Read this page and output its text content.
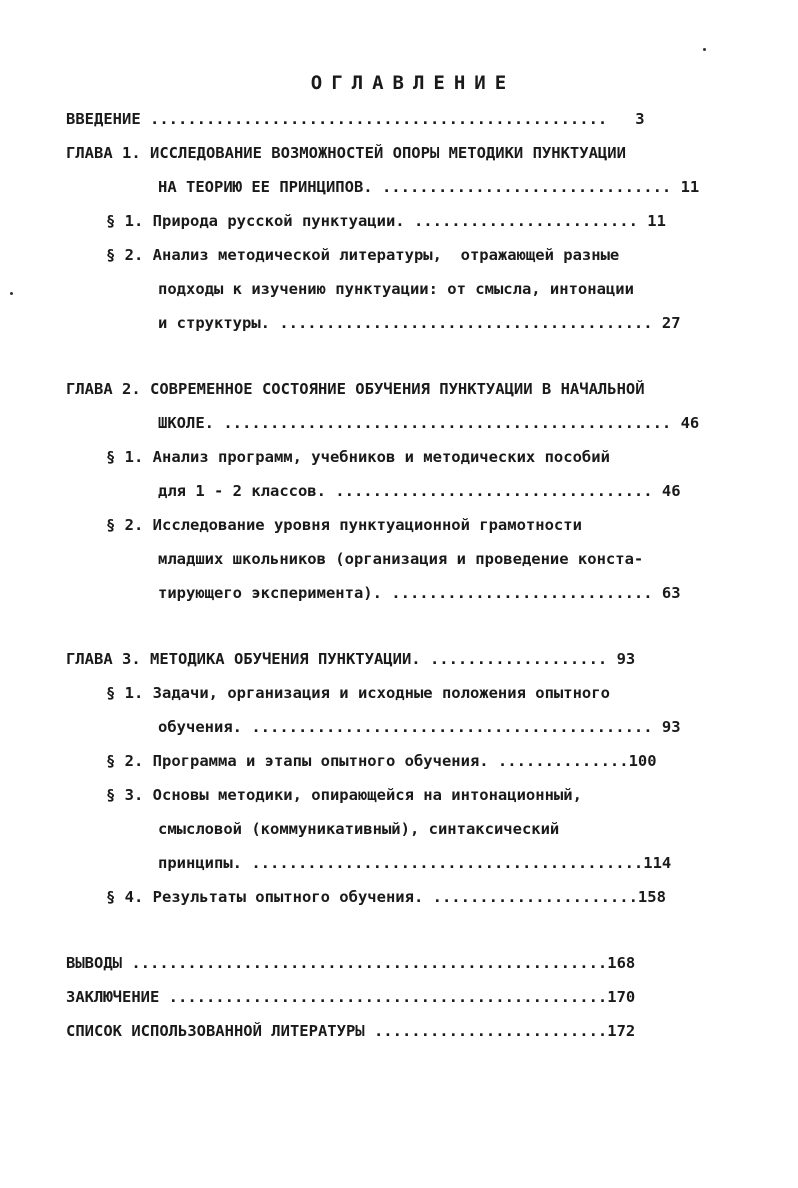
ОГЛАВЛЕНИЕ
ВВЕДЕНИЕ .................................................   3
ГЛАВА 1. ИССЛЕДОВАНИЕ ВОЗМОЖНОСТЕЙ ОПОРЫ МЕТОДИКИ ПУНКТУАЦИИ
НА ТЕОРИЮ ЕЕ ПРИНЦИПОВ. ............................... 11
§ 1. Природа русской пунктуации. ........................ 11
§ 2. Анализ методической литературы,  отражающей разные
подходы к изучению пунктуации: от смысла, интонации
и структуры. ........................................ 27
ГЛАВА 2. СОВРЕМЕННОЕ СОСТОЯНИЕ ОБУЧЕНИЯ ПУНКТУАЦИИ В НАЧАЛЬНОЙ
ШКОЛЕ. ................................................ 46
§ 1. Анализ программ, учебников и методических пособий
для 1 - 2 классов. .................................. 46
§ 2. Исследование уровня пунктуационной грамотности
младших школьников (организация и проведение конста-
тирующего эксперимента). ............................ 63
ГЛАВА 3. МЕТОДИКА ОБУЧЕНИЯ ПУНКТУАЦИИ. ................... 93
§ 1. Задачи, организация и исходные положения опытного
обучения. ........................................... 93
§ 2. Программа и этапы опытного обучения. ..............100
§ 3. Основы методики, опирающейся на интонационный,
смысловой (коммуникативный), синтаксический
принципы. ..........................................114
§ 4. Результаты опытного обучения. ......................158
ВЫВОДЫ ...................................................168
ЗАКЛЮЧЕНИЕ ...............................................170
СПИСОК ИСПОЛЬЗОВАННОЙ ЛИТЕРАТУРЫ .........................172
